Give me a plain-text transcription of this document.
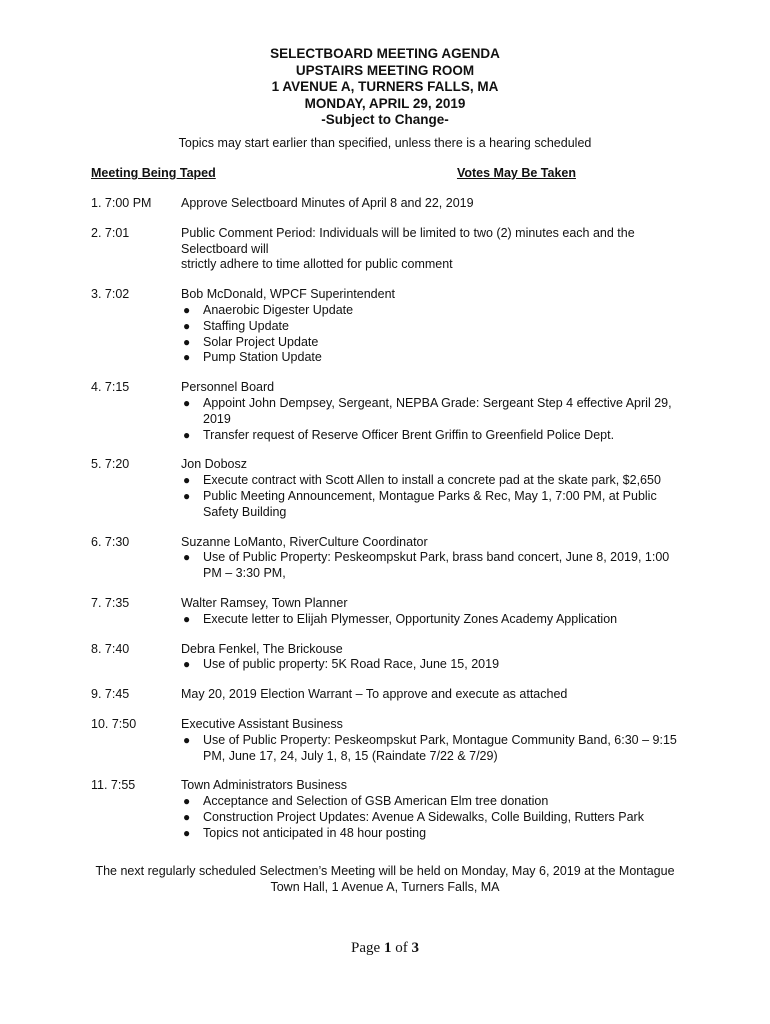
SELECTBOARD MEETING AGENDA
UPSTAIRS MEETING ROOM
1 AVENUE A, TURNERS FALLS, MA
MONDAY, APRIL 29, 2019
-Subject to Change-
Topics may start earlier than specified, unless there is a hearing scheduled
Meeting Being Taped	Votes May Be Taken
1. 7:00 PM	Approve Selectboard Minutes of April 8 and 22, 2019
2. 7:01	Public Comment Period: Individuals will be limited to two (2) minutes each and the Selectboard will
strictly adhere to time allotted for public comment
3. 7:02	Bob McDonald, WPCF Superintendent
● Anaerobic Digester Update
● Staffing Update
● Solar Project Update
● Pump Station Update
4. 7:15	Personnel Board
● Appoint John Dempsey, Sergeant, NEPBA Grade: Sergeant Step 4 effective April 29, 2019
● Transfer request of Reserve Officer Brent Griffin to Greenfield Police Dept.
5. 7:20	Jon Dobosz
● Execute contract with Scott Allen to install a concrete pad at the skate park, $2,650
● Public Meeting Announcement, Montague Parks & Rec, May 1, 7:00 PM, at Public Safety Building
6. 7:30	Suzanne LoManto, RiverCulture Coordinator
● Use of Public Property: Peskeompskut Park, brass band concert, June 8, 2019, 1:00 PM – 3:30 PM,
7. 7:35	Walter Ramsey, Town Planner
● Execute letter to Elijah Plymesser, Opportunity Zones Academy Application
8. 7:40	Debra Fenkel, The Brickouse
● Use of public property: 5K Road Race, June 15, 2019
9. 7:45	May 20, 2019 Election Warrant – To approve and execute as attached
10. 7:50	Executive Assistant Business
● Use of Public Property: Peskeompskut Park, Montague Community Band, 6:30 – 9:15 PM, June 17, 24, July 1, 8, 15 (Raindate 7/22 & 7/29)
11. 7:55	Town Administrators Business
● Acceptance and Selection of GSB American Elm tree donation
● Construction Project Updates: Avenue A Sidewalks, Colle Building, Rutters Park
● Topics not anticipated in 48 hour posting
The next regularly scheduled Selectmen’s Meeting will be held on Monday, May 6, 2019 at the Montague Town Hall, 1 Avenue A, Turners Falls, MA
Page 1 of 3
